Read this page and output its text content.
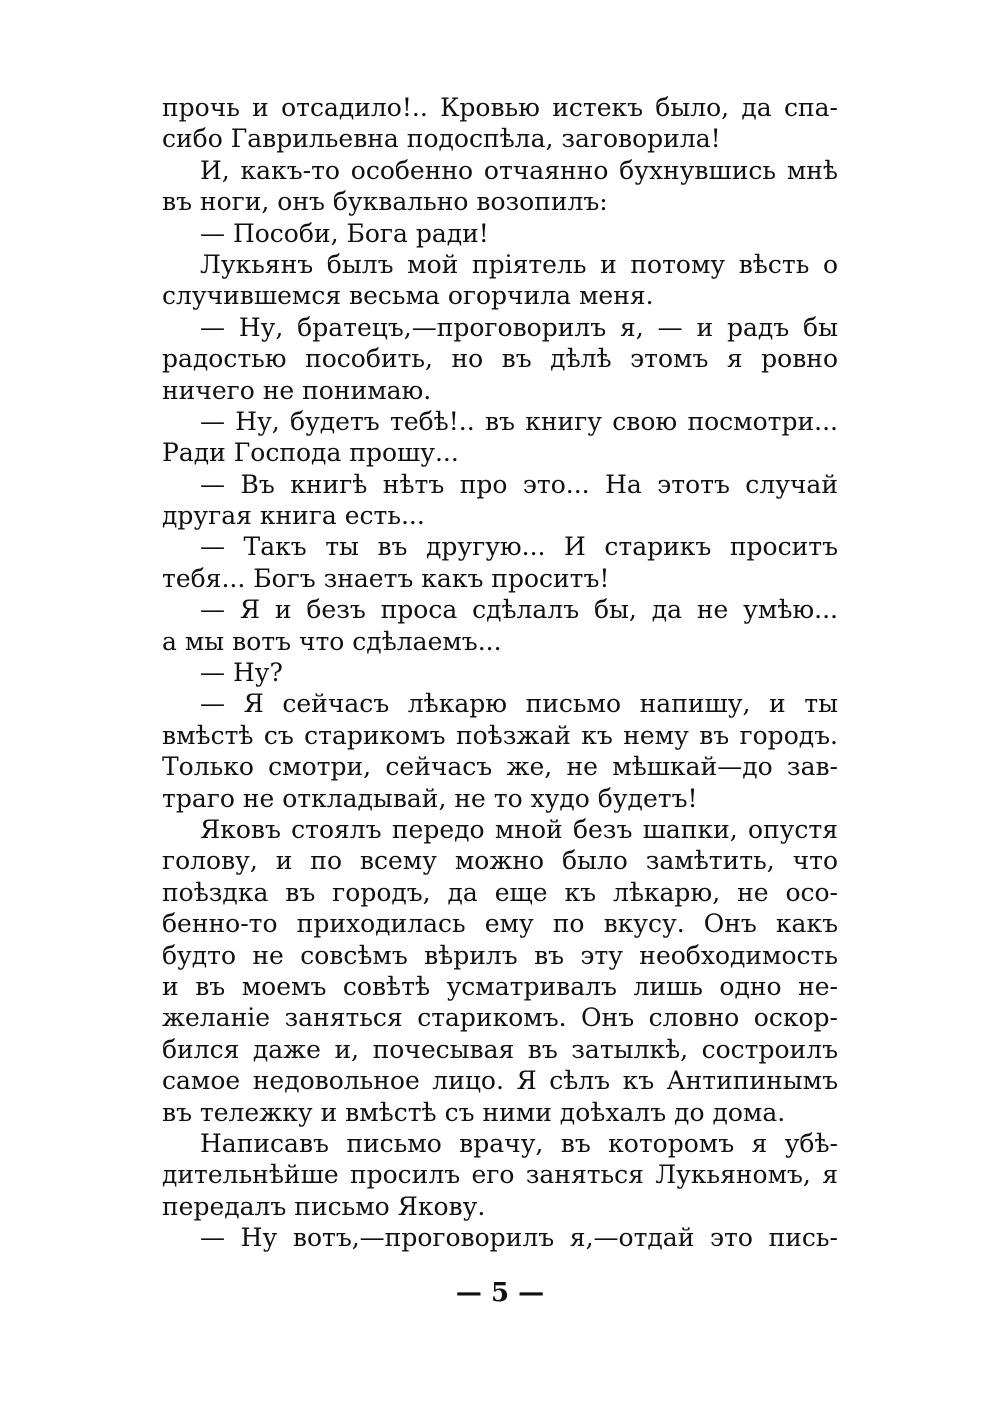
прочь и отсадило!.. Кровью истекъ было, да спа-
сибо Гаврильевна подоспѣла, заговорила!
И, какъ-то особенно отчаянно бухнувшись мнѣ
въ ноги, онъ буквально возопилъ:
— Пособи, Бога ради!
Лукьянъ былъ мой прiятель и потому вѣсть о
случившемся весьма огорчила меня.
— Ну, братецъ,—проговорилъ я, — и радъ бы
радостью пособить, но въ дѣлѣ этомъ я ровно
ничего не понимаю.
— Ну, будетъ тебѣ!.. въ книгу свою посмотри...
Ради Господа прошу...
— Въ книгѣ нѣтъ про это... На этотъ случай
другая книга есть...
— Такъ ты въ другую... И старикъ проситъ
тебя... Богъ знаетъ какъ проситъ!
— Я и безъ проса сдѣлалъ бы, да не умѣю...
а мы вотъ что сдѣлаемъ...
— Ну?
— Я сейчасъ лѣкарю письмо напишу, и ты
вмѣстѣ съ старикомъ поѣзжай къ нему въ городъ.
Только смотри, сейчасъ же, не мѣшкай—до зав-
трaго не откладывай, не то худо будетъ!
Яковъ стоялъ передо мной безъ шапки, опустя
голову, и по всему можно было замѣтить, что
поѣздка въ городъ, да еще къ лѣкарю, не осо-
бенно-то приходилась ему по вкусу. Онъ какъ
будто не совсѣмъ вѣрилъ въ эту необходимость
и въ моемъ совѣтѣ усматривалъ лишь одно не-
желанiе заняться старикомъ. Онъ словно оскор-
бился даже и, почесывая въ затылкѣ, состроилъ
самое недовольное лицо. Я сѣлъ къ Антипинымъ
въ тележку и вмѣстѣ съ ними доѣхалъ до дома.
Написавъ письмо врачу, въ которомъ я убѣ-
дительнѣйше просилъ его заняться Лукьяномъ, я
передалъ письмо Якову.
— Ну вотъ,—проговорилъ я,—отдай это пись-
— 5 —
